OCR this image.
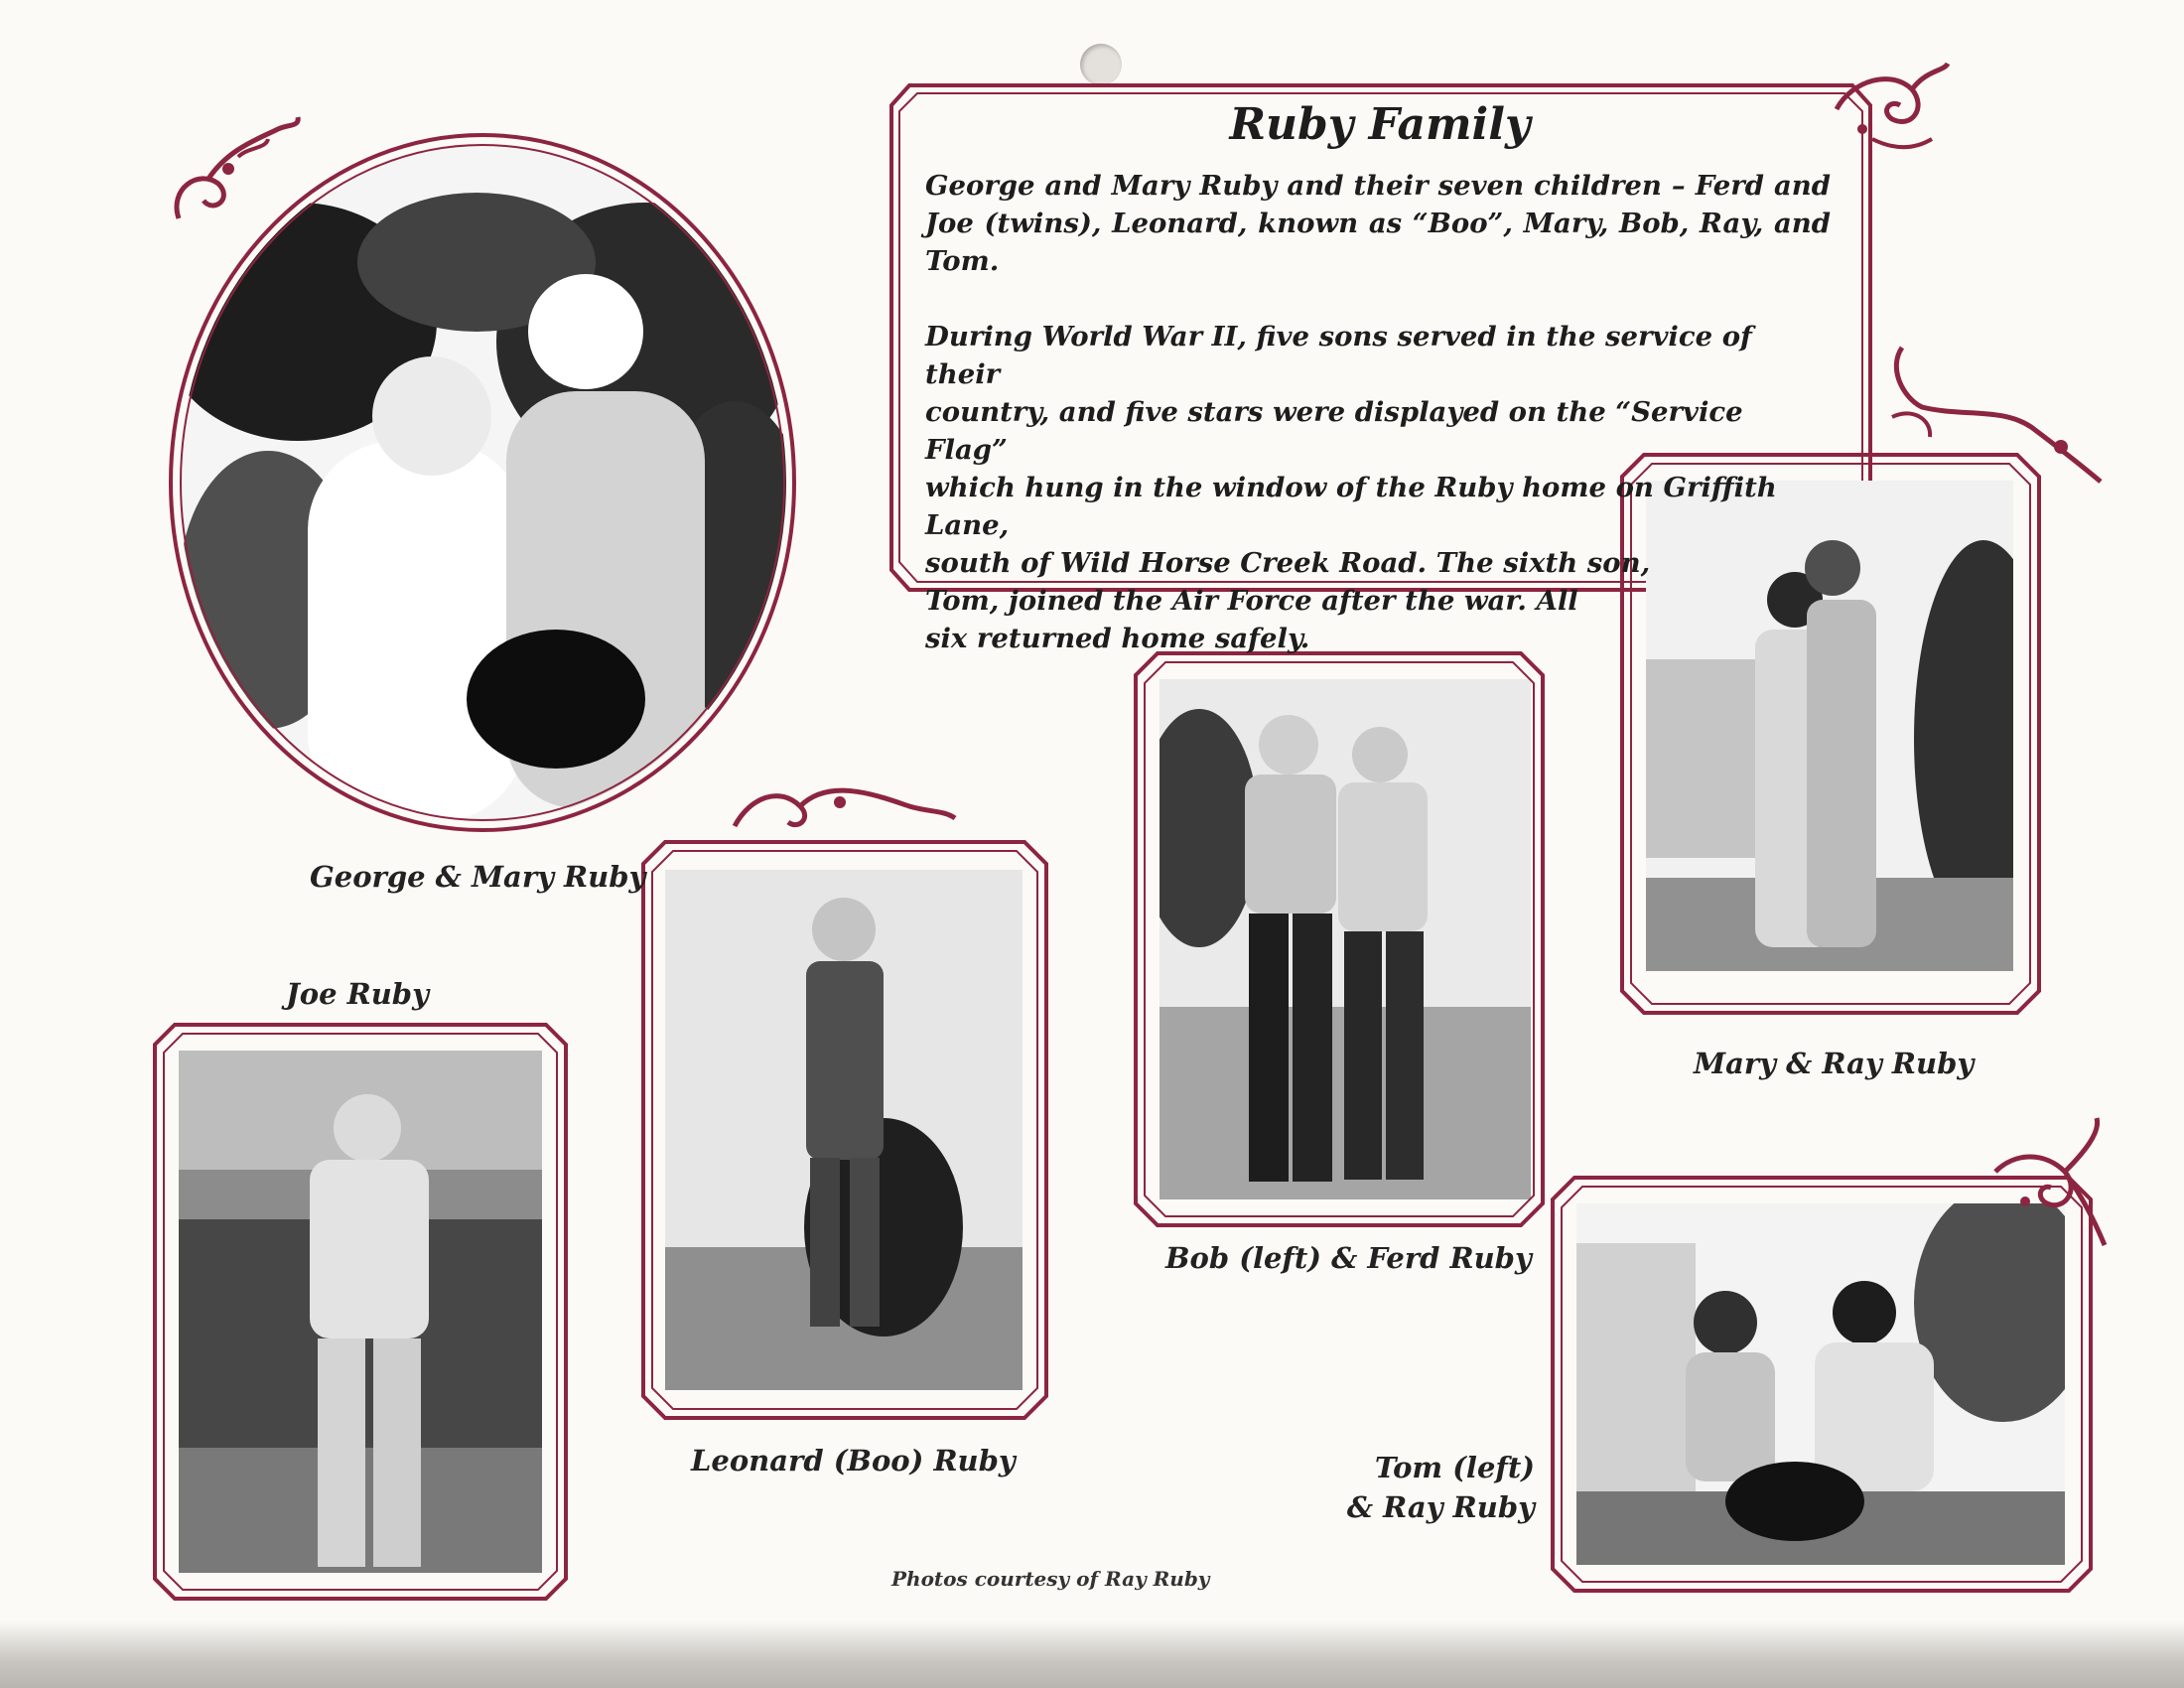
Ruby Family

George and Mary Ruby and their seven children – Ferd and Joe (twins), Leonard, known as “Boo”, Mary, Bob, Ray, and Tom.

During World War II, five sons served in the service of their
country, and five stars were displayed on the “Service Flag”
which hung in the window of the Ruby home on Griffith Lane,
south of Wild Horse Creek Road. The sixth son,
Tom, joined the Air Force after the war. All
six returned home safely.

George & Mary Ruby
Joe Ruby
Leonard (Boo) Ruby
Bob (left) & Ferd Ruby
Mary & Ray Ruby
Tom (left)
& Ray Ruby
Photos courtesy of Ray Ruby
